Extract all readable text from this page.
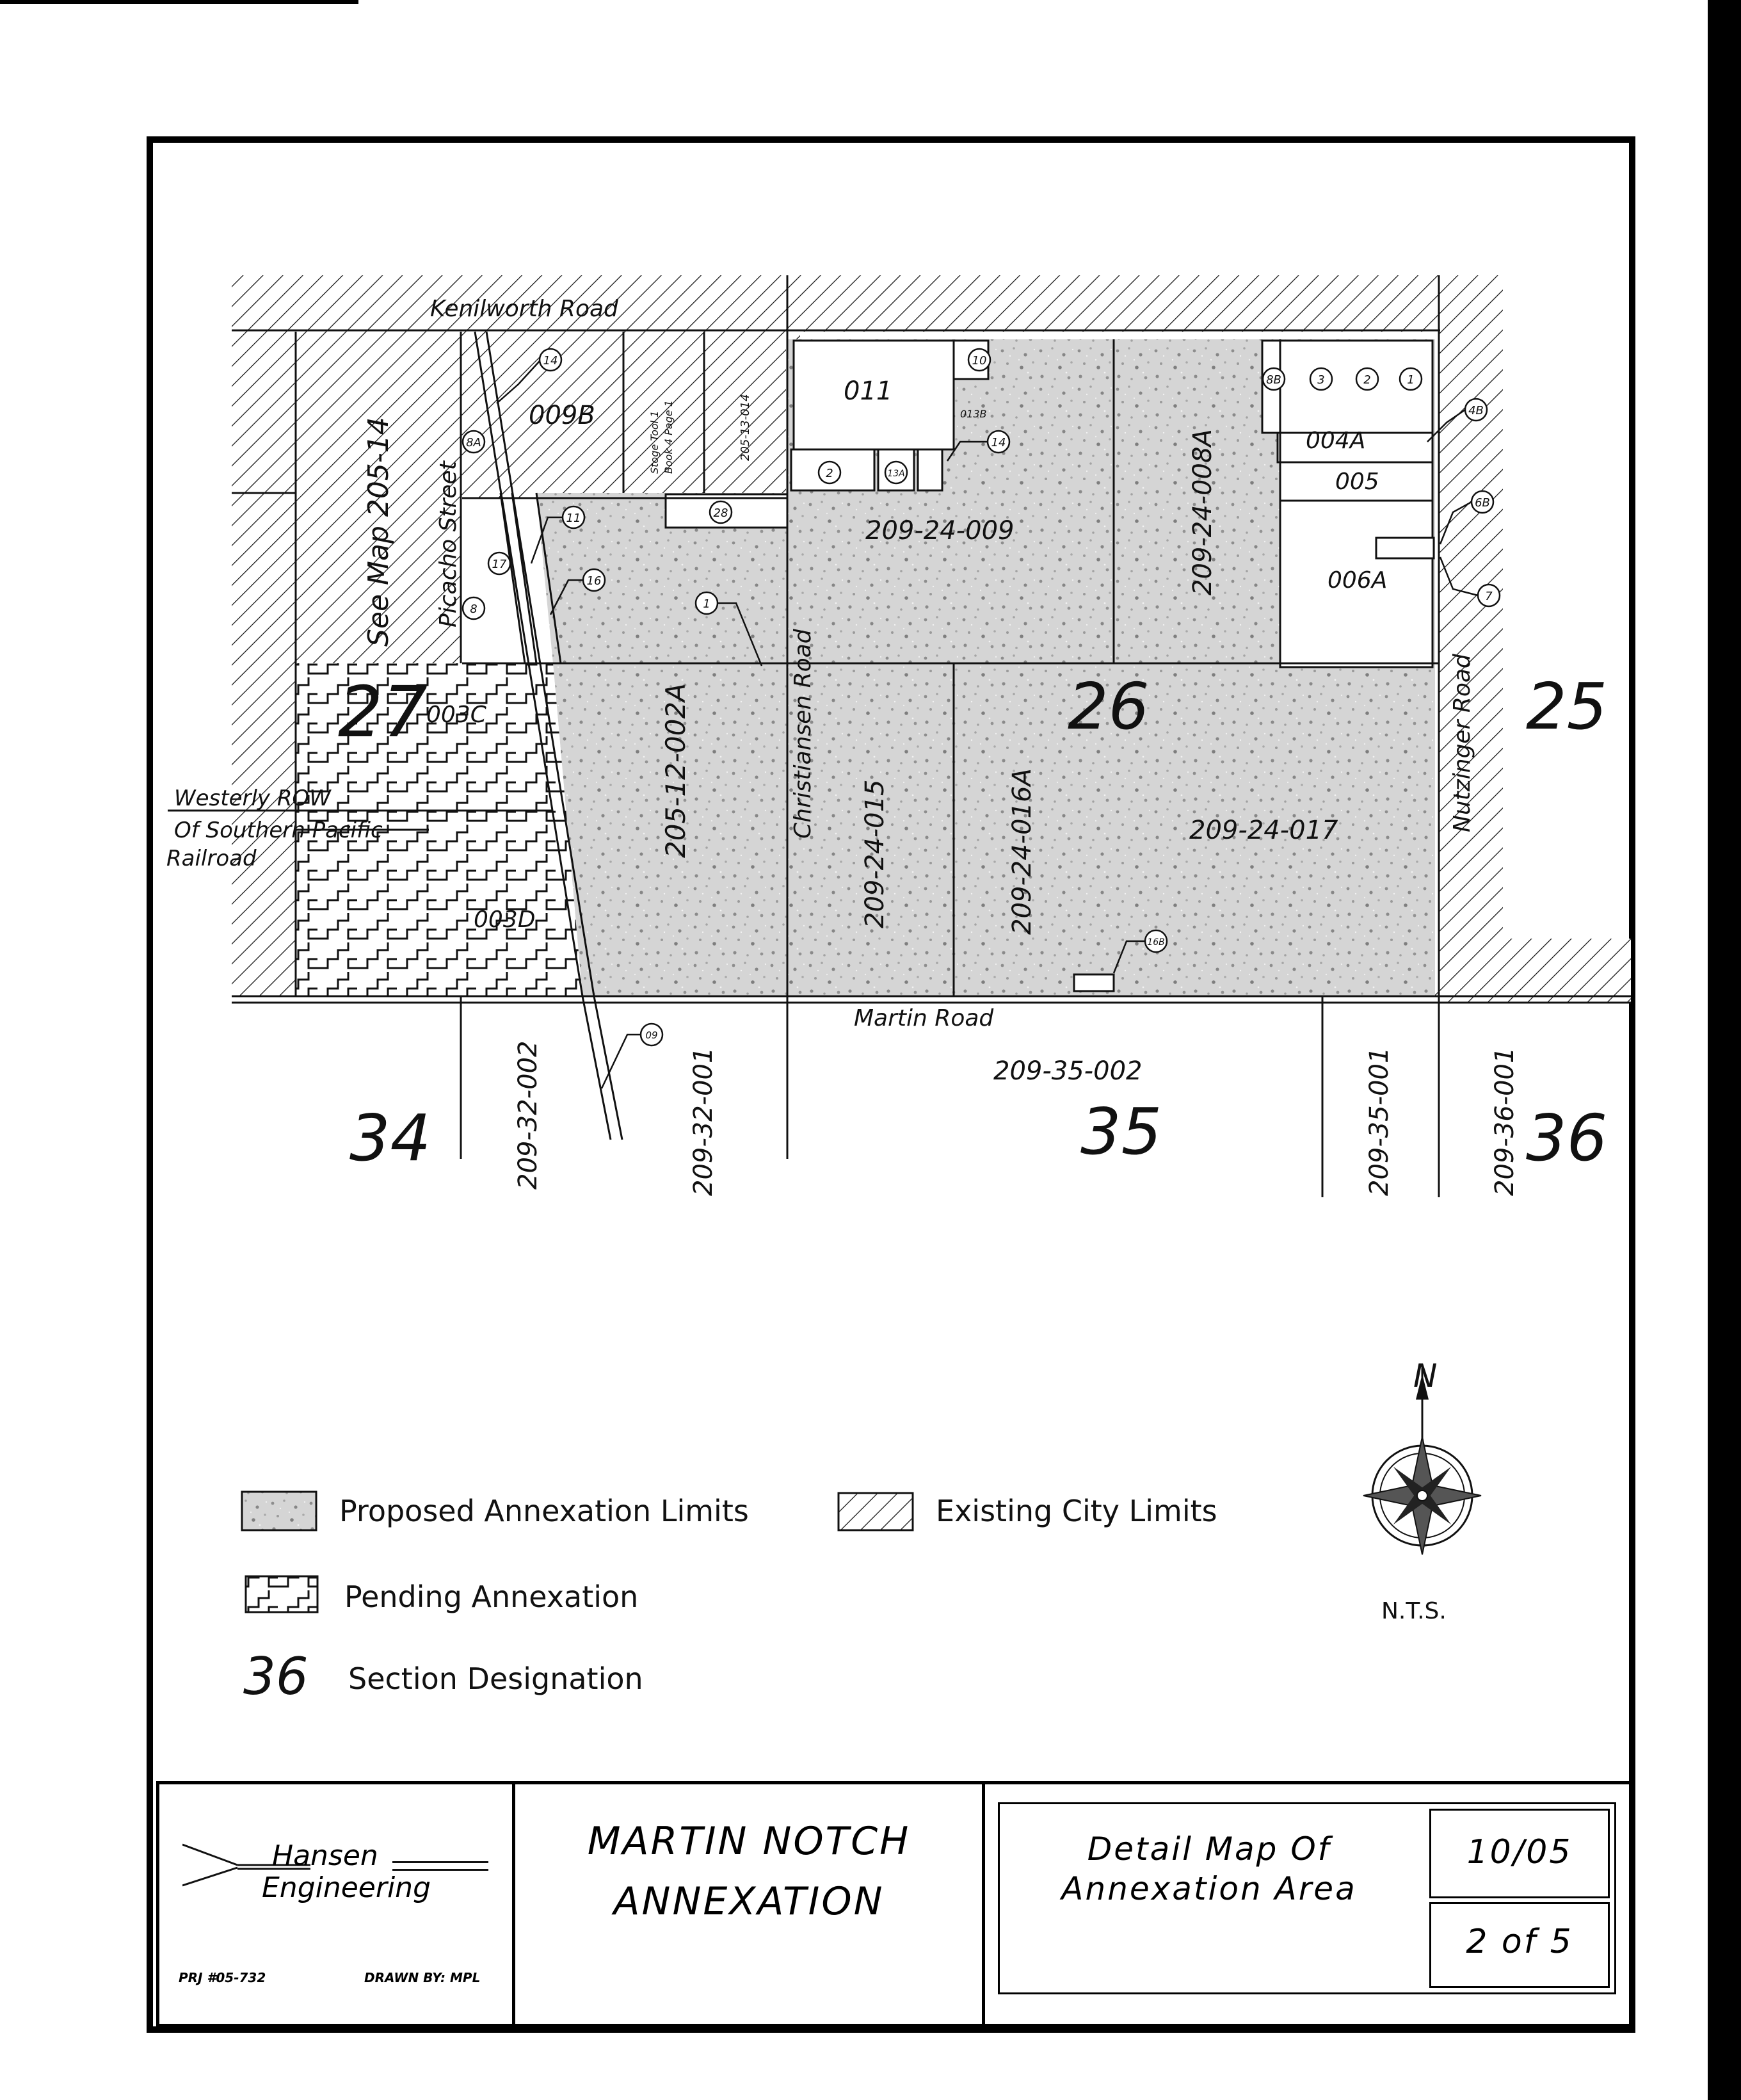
Kenilworth Road
Martin Road
Christiansen Road
Picacho Street
Nutzinger Road
See Map 205-14
Westerly ROW
Of Southern Pacific
Railroad
27	26	25
34	35	36
009B
011
004A
005
006A
209-24-009	209-24-008A
205-12-002A	209-24-015	209-24-016A	209-24-017
003C
003D
209-35-002
209-32-002	209-32-001	209-35-001	209-36-001
205-13-014	013B
Stoge Tool 1 Book 4 Page 1
14
8A
10
8B	3	2	1
4B
6B
7
11
17
8
16
28
1
2	13A
14
16B
09
N
N.T.S.
36
Proposed Annexation Limits	Existing City Limits
Pending Annexation
Section Designation
Hansen
Engineering
PRJ #05-732	DRAWN BY: MPL
MARTIN NOTCH
ANNEXATION
Detail Map Of
Annexation Area
10/05
2 of 5
